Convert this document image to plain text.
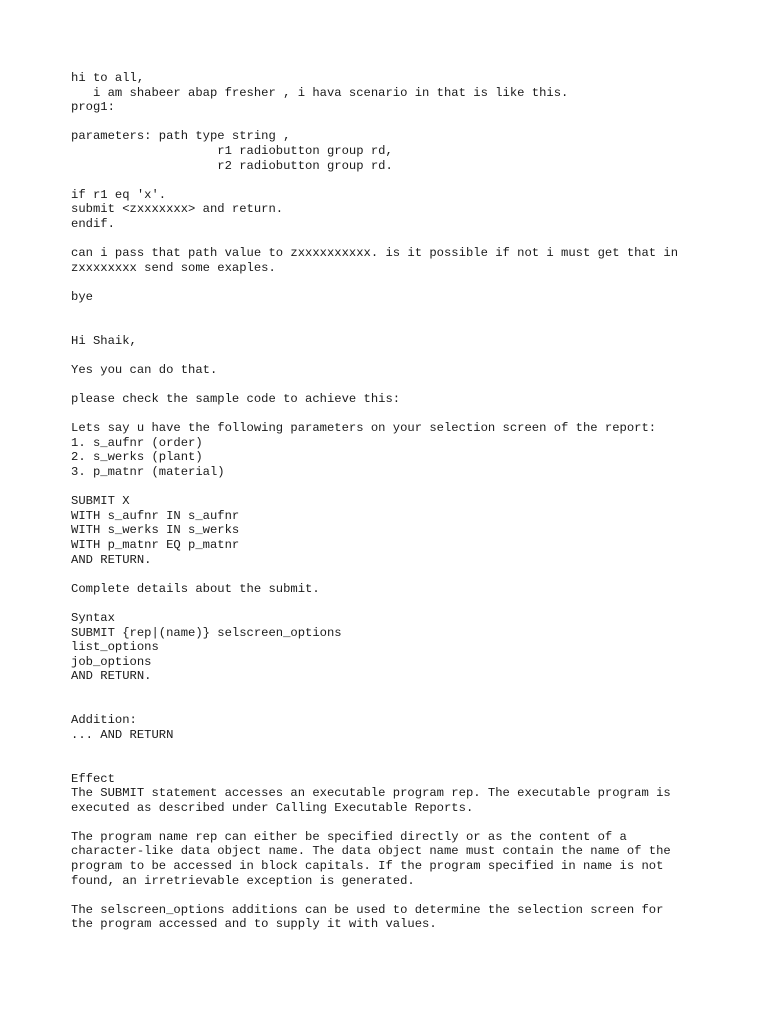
hi to all,
i am shabeer abap fresher , i hava scenario in that is like this.
prog1:
parameters: path type string ,
r1 radiobutton group rd,
r2 radiobutton group rd.
if r1 eq 'x'.
submit <zxxxxxxx> and return.
endif.
can i pass that path value to zxxxxxxxxxx. is it possible if not i must get that in
zxxxxxxxx send some exaples.
bye
Hi Shaik,
Yes you can do that.
please check the sample code to achieve this:
Lets say u have the following parameters on your selection screen of the report:
1. s_aufnr (order)
2. s_werks (plant)
3. p_matnr (material)
SUBMIT X
WITH s_aufnr IN s_aufnr
WITH s_werks IN s_werks
WITH p_matnr EQ p_matnr
AND RETURN.
Complete details about the submit.
Syntax
SUBMIT {rep|(name)} selscreen_options
list_options
job_options
AND RETURN.
Addition:
... AND RETURN
Effect
The SUBMIT statement accesses an executable program rep. The executable program is
executed as described under Calling Executable Reports.
The program name rep can either be specified directly or as the content of a
character-like data object name. The data object name must contain the name of the
program to be accessed in block capitals. If the program specified in name is not
found, an irretrievable exception is generated.
The selscreen_options additions can be used to determine the selection screen for
the program accessed and to supply it with values.
